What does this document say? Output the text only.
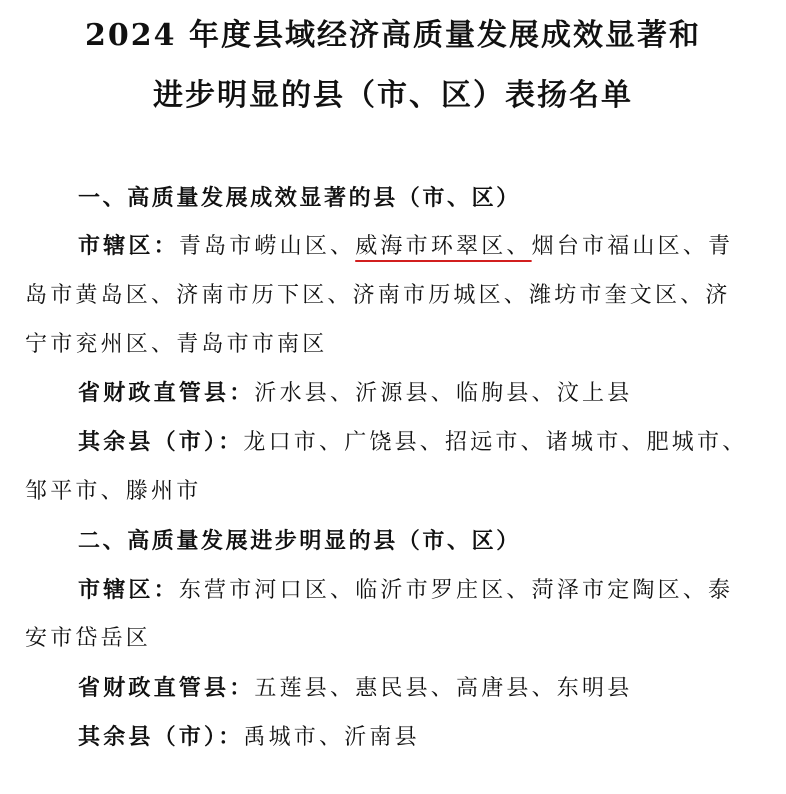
2024 年度县域经济高质量发展成效显著和
进步明显的县（市、区）表扬名单
一、高质量发展成效显著的县（市、区）
市辖区：青岛市崂山区、威海市环翠区、烟台市福山区、青
岛市黄岛区、济南市历下区、济南市历城区、潍坊市奎文区、济
宁市兖州区、青岛市市南区
省财政直管县：沂水县、沂源县、临朐县、汶上县
其余县（市）：龙口市、广饶县、招远市、诸城市、肥城市、
邹平市、滕州市
二、高质量发展进步明显的县（市、区）
市辖区：东营市河口区、临沂市罗庄区、菏泽市定陶区、泰
安市岱岳区
省财政直管县：五莲县、惠民县、高唐县、东明县
其余县（市）：禹城市、沂南县
